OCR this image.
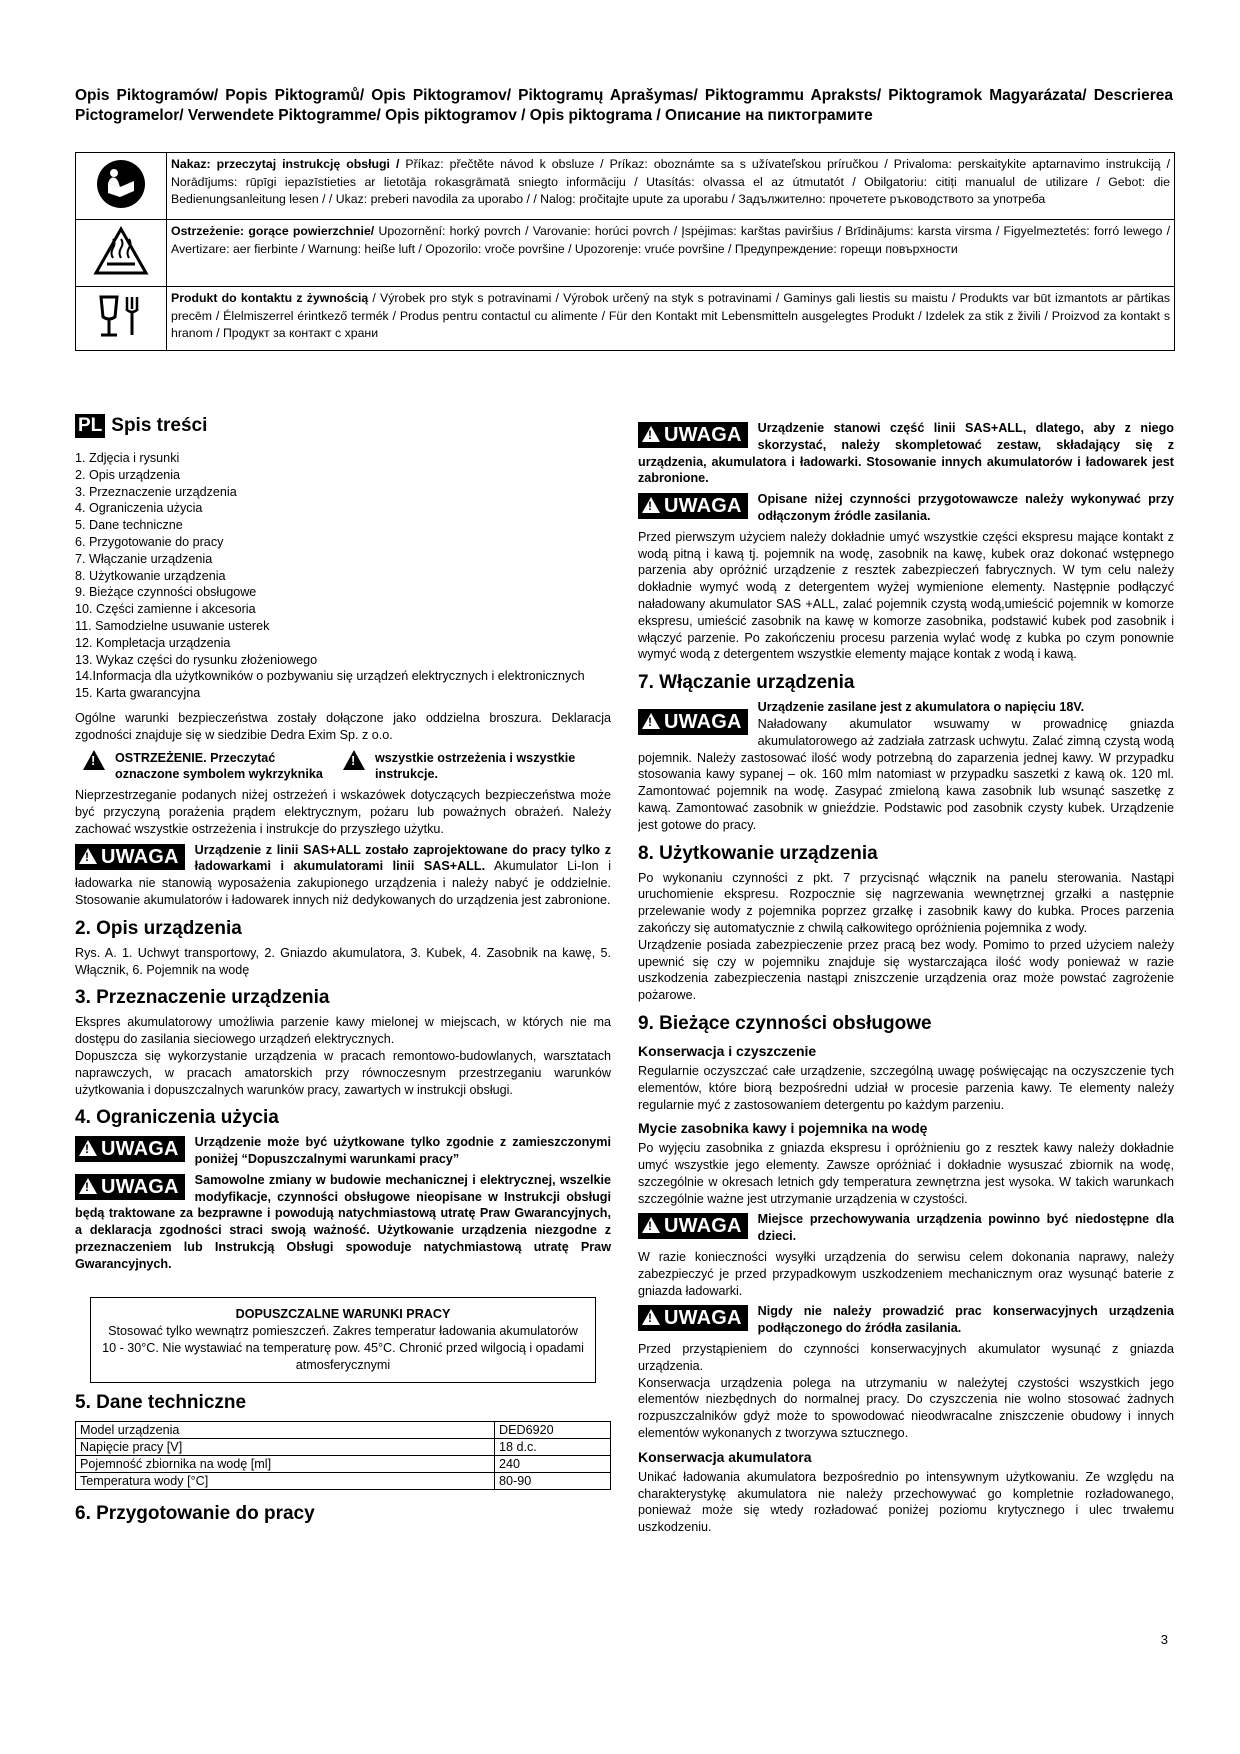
Opis Piktogramów/ Popis Piktogramů/ Opis Piktogramov/ Piktogramų Aprašymas/ Piktogrammu Apraksts/ Piktogramok Magyarázata/ Descrierea Pictogramelor/ Verwendete Piktogramme/ Opis piktogramov / Opis piktograma / Описание на пиктограмите
	Nakaz: przeczytaj instrukcję obsługi / Příkaz: přečtěte návod k obsluze / Príkaz: oboznámte sa s užívateľskou príručkou / Privaloma: perskaitykite aptarnavimo instrukciją / Norādījums: rūpīgi iepazīstieties ar lietotāja rokasgrāmatā sniegto informāciju / Utasítás: olvassa el az útmutatót / Obilgatoriu: citiți manualul de utilizare / Gebot: die Bedienungsanleitung lesen / / Ukaz: preberi navodila za uporabo / / Nalog: pročitajte upute za uporabu / Задължително: прочетете ръководството за употреба
	Ostrzeżenie: gorące powierzchnie/ Upozornění: horký povrch / Varovanie: horúci povrch / Įspėjimas: karštas paviršius / Brīdinājums: karsta virsma / Figyelmeztetés: forró lewego / Avertizare: aer fierbinte / Warnung: heiße luft / Opozorilo: vroče površine / Upozorenje: vruće površine / Предупреждение: горещи повърхности
	Produkt do kontaktu z żywnością / Výrobek pro styk s potravinami / Výrobok určený na styk s potravinami / Gaminys gali liestis su maistu / Produkts var būt izmantots ar pārtikas precēm / Élelmiszerrel érintkező termék / Produs pentru contactul cu alimente / Für den Kontakt mit Lebensmitteln ausgelegtes Produkt / Izdelek za stik z živili / Proizvod za kontakt s hranom / Продукт за контакт с храни
PL Spis treści
1. Zdjęcia i rysunki
2. Opis urządzenia
3. Przeznaczenie urządzenia
4. Ograniczenia użycia
5. Dane techniczne
6. Przygotowanie do pracy
7. Włączanie urządzenia
8. Użytkowanie urządzenia
9. Bieżące czynności obsługowe
10. Części zamienne i akcesoria
11. Samodzielne usuwanie usterek
12. Kompletacja urządzenia
13. Wykaz części do rysunku złożeniowego
14.Informacja dla użytkowników o pozbywaniu się urządzeń elektrycznych i elektronicznych
15. Karta gwarancyjna

Ogólne warunki bezpieczeństwa zostały dołączone jako oddzielna broszura. Deklaracja zgodności znajduje się w siedzibie Dedra Exim Sp. z o.o.

! OSTRZEŻENIE. Przeczytać oznaczone symbolem wykrzyknika
! wszystkie ostrzeżenia i wszystkie instrukcje.

Nieprzestrzeganie podanych niżej ostrzeżeń i wskazówek dotyczących bezpieczeństwa może być przyczyną porażenia prądem elektrycznym, pożaru lub poważnych obrażeń. Należy zachować wszystkie ostrzeżenia i instrukcje do przyszłego użytku.

! UWAGA	Urządzenie z linii SAS+ALL zostało zaprojektowane do pracy tylko z ładowarkami i akumulatorami linii SAS+ALL. Akumulator Li-Ion i ładowarka nie stanowią wyposażenia zakupionego urządzenia i należy nabyć je oddzielnie. Stosowanie akumulatorów i ładowarek innych niż dedykowanych do urządzenia jest zabronione.

2. Opis urządzenia

Rys. A. 1. Uchwyt transportowy, 2. Gniazdo akumulatora, 3. Kubek, 4. Zasobnik na kawę, 5. Włącznik, 6. Pojemnik na wodę

3. Przeznaczenie urządzenia

Ekspres akumulatorowy umożliwia parzenie kawy mielonej w miejscach, w których nie ma dostępu do zasilania sieciowego urządzeń elektrycznych.

Dopuszcza się wykorzystanie urządzenia w pracach remontowo-budowlanych, warsztatach naprawczych, w pracach amatorskich przy równoczesnym przestrzeganiu warunków użytkowania i dopuszczalnych warunków pracy, zawartych w instrukcji obsługi.

4. Ograniczenia użycia
! UWAGA	Urządzenie może być użytkowane tylko zgodnie z zamieszczonymi poniżej “Dopuszczalnymi warunkami pracy”

! UWAGA	Samowolne zmiany w budowie mechanicznej i elektrycznej, wszelkie modyfikacje, czynności obsługowe nieopisane w Instrukcji obsługi będą traktowane za bezprawne i powodują natychmiastową utratę Praw Gwarancyjnych, a deklaracja zgodności straci swoją ważność. Użytkowanie urządzenia niezgodne z przeznaczeniem lub Instrukcją Obsługi spowoduje natychmiastową utratę Praw Gwarancyjnych.

DOPUSZCZALNE WARUNKI PRACY
Stosować tylko wewnątrz pomieszczeń. Zakres temperatur ładowania akumulatorów 10 - 30°C. Nie wystawiać na temperaturę pow. 45°C. Chronić przed wilgocią i opadami atmosferycznymi
5. Dane techniczne
Model urządzenia	DED6920
Napięcie pracy [V]	18 d.c.
Pojemność zbiornika na wodę [ml]	240
Temperatura wody [°C]	80-90
6. Przygotowanie do pracy
! UWAGA	Urządzenie stanowi część linii SAS+ALL, dlatego, aby z niego skorzystać, należy skompletować zestaw, składający się z urządzenia, akumulatora i ładowarki. Stosowanie innych akumulatorów i ładowarek jest zabronione.

! UWAGA	Opisane niżej czynności przygotowawcze należy wykonywać przy odłączonym źródle zasilania.

Przed pierwszym użyciem należy dokładnie umyć wszystkie części ekspresu mające kontakt z wodą pitną i kawą tj. pojemnik na wodę, zasobnik na kawę, kubek oraz dokonać wstępnego parzenia aby opróżnić urządzenie z resztek zabezpieczeń fabrycznych. W tym celu należy dokładnie wymyć wodą z detergentem wyżej wymienione elementy. Następnie podłączyć naładowany akumulator SAS +ALL, zalać pojemnik czystą wodą,umieścić pojemnik w komorze ekspresu, umieścić zasobnik na kawę w komorze zasobnika, podstawić kubek pod zasobnik i włączyć parzenie. Po zakończeniu procesu parzenia wylać wodę z kubka po czym ponownie wymyć wodą z detergentem wszystkie elementy mające kontak z wodą i kawą.

7. Włączanie urządzenia
! UWAGA

Urządzenie zasilane jest z akumulatora o napięciu 18V.

Naładowany akumulator wsuwamy w prowadnicę gniazda akumulatorowego aż zadziała zatrzask uchwytu. Zalać zimną czystą wodą pojemnik. Należy zastosować ilość wody potrzebną do zaparzenia jednej kawy. W przypadku stosowania kawy sypanej – ok. 160 mlm natomiast w przypadku saszetki z kawą ok. 120 ml. Zamontować pojemnik na wodę. Zasypać zmieloną kawa zasobnik lub wsunąć saszetkę z kawą. Zamontować zasobnik w gnieździe. Podstawic pod zasobnik czysty kubek. Urządzenie jest gotowe do pracy.

8. Użytkowanie urządzenia

Po wykonaniu czynności z pkt. 7 przycisnąć włącznik na panelu sterowania. Nastąpi uruchomienie ekspresu. Rozpocznie się nagrzewania wewnętrznej grzałki a następnie przelewanie wody z pojemnika poprzez grzałkę i zasobnik kawy do kubka. Proces parzenia zakończy się automatycznie z chwilą całkowitego opróżnienia pojemnika z wody.

Urządzenie posiada zabezpieczenie przez pracą bez wody. Pomimo to przed użyciem należy upewnić się czy w pojemniku znajduje się wystarczająca ilość wody ponieważ w razie uszkodzenia zabezpieczenia nastąpi zniszczenie urządzenia oraz może powstać zagrożenie pożarowe.

9. Bieżące czynności obsługowe
Konserwacja i czyszczenie

Regularnie oczyszczać całe urządzenie, szczególną uwagę poświęcając na oczyszczenie tych elementów, które biorą bezpośredni udział w procesie parzenia kawy. Te elementy należy regularnie myć z zastosowaniem detergentu po każdym parzeniu.

Mycie zasobnika kawy i pojemnika na wodę

Po wyjęciu zasobnika z gniazda ekspresu i opróżnieniu go z resztek kawy należy dokładnie umyć wszystkie jego elementy. Zawsze opróżniać i dokładnie wysuszać zbiornik na wodę, szczególnie w okresach letnich gdy temperatura zewnętrzna jest wysoka. W takich warunkach szczególnie ważne jest utrzymanie urządzenia w czystości.

! UWAGA	Miejsce przechowywania urządzenia powinno być niedostępne dla dzieci.

W razie konieczności wysyłki urządzenia do serwisu celem dokonania naprawy, należy zabezpieczyć je przed przypadkowym uszkodzeniem mechanicznym oraz wysunąć baterie z gniazda ładowarki.

! UWAGA	Nigdy nie należy prowadzić prac konserwacyjnych urządzenia podłączonego do źródła zasilania.

Przed przystąpieniem do czynności konserwacyjnych akumulator wysunąć z gniazda urządzenia.

Konserwacja urządzenia polega na utrzymaniu w należytej czystości wszystkich jego elementów niezbędnych do normalnej pracy. Do czyszczenia nie wolno stosować żadnych rozpuszczalników gdyż może to spowodować nieodwracalne zniszczenie obudowy i innych elementów wykonanych z tworzywa sztucznego.

Konserwacja akumulatora

Unikać ładowania akumulatora bezpośrednio po intensywnym użytkowaniu. Ze względu na charakterystykę akumulatora nie należy przechowywać go kompletnie rozładowanego, ponieważ może się wtedy rozładować poniżej poziomu krytycznego i ulec trwałemu uszkodzeniu.

3
